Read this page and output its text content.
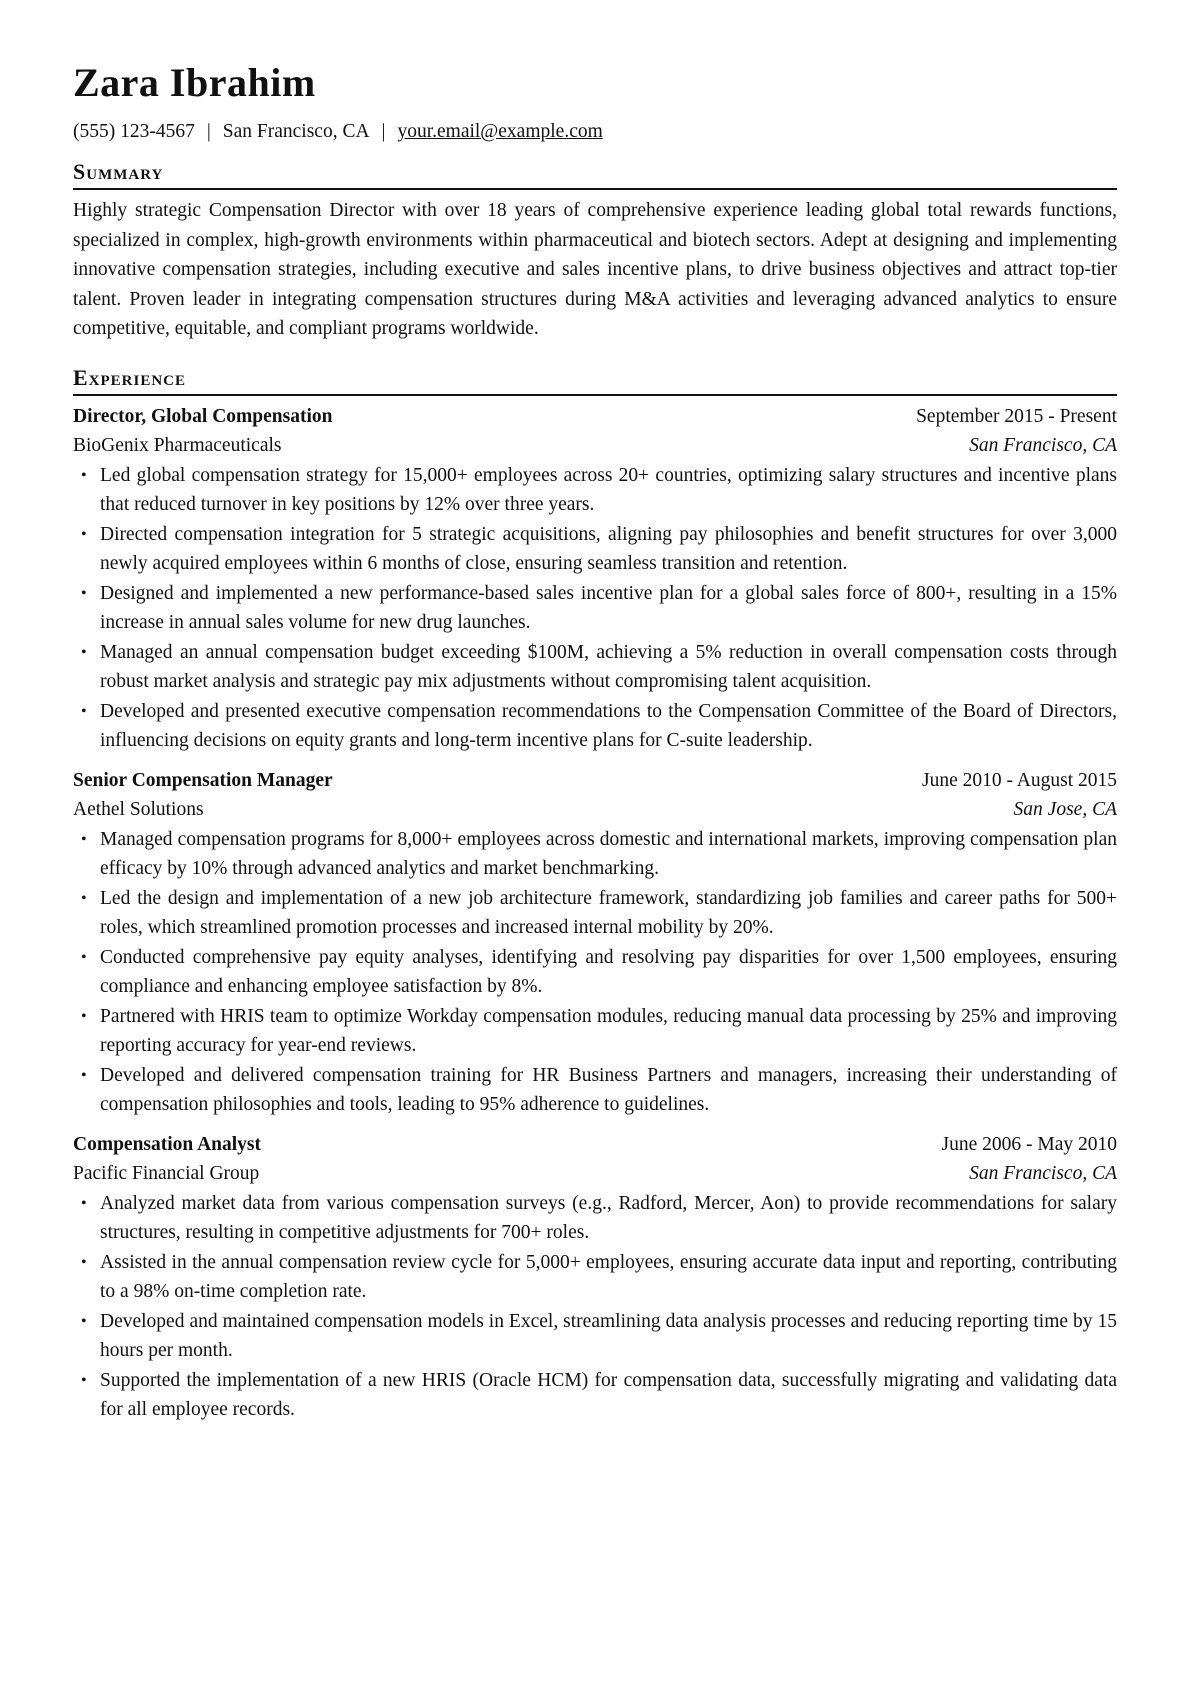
Zara Ibrahim
(555) 123-4567 | San Francisco, CA | your.email@example.com
Summary

Highly strategic Compensation Director with over 18 years of comprehensive experience leading global total rewards functions, specialized in complex, high-growth environments within pharmaceutical and biotech sectors. Adept at designing and implementing innovative compensation strategies, including executive and sales incentive plans, to drive business objectives and attract top-tier talent. Proven leader in integrating compensation structures during M&A activities and leveraging advanced analytics to ensure competitive, equitable, and compliant programs worldwide.

Experience
Director, Global Compensation	September 2015 - Present
BioGenix Pharmaceuticals	San Francisco, CA
• Led global compensation strategy for 15,000+ employees across 20+ countries, optimizing salary structures and incentive plans that reduced turnover in key positions by 12% over three years.
• Directed compensation integration for 5 strategic acquisitions, aligning pay philosophies and benefit structures for over 3,000 newly acquired employees within 6 months of close, ensuring seamless transition and retention.
• Designed and implemented a new performance-based sales incentive plan for a global sales force of 800+, resulting in a 15% increase in annual sales volume for new drug launches.
• Managed an annual compensation budget exceeding $100M, achieving a 5% reduction in overall compensation costs through robust market analysis and strategic pay mix adjustments without compromising talent acquisition.
• Developed and presented executive compensation recommendations to the Compensation Committee of the Board of Directors, influencing decisions on equity grants and long-term incentive plans for C-suite leadership.
Senior Compensation Manager	June 2010 - August 2015
Aethel Solutions	San Jose, CA
• Managed compensation programs for 8,000+ employees across domestic and international markets, improving compensation plan efficacy by 10% through advanced analytics and market benchmarking.
• Led the design and implementation of a new job architecture framework, standardizing job families and career paths for 500+ roles, which streamlined promotion processes and increased internal mobility by 20%.
• Conducted comprehensive pay equity analyses, identifying and resolving pay disparities for over 1,500 employees, ensuring compliance and enhancing employee satisfaction by 8%.
• Partnered with HRIS team to optimize Workday compensation modules, reducing manual data processing by 25% and improving reporting accuracy for year-end reviews.
• Developed and delivered compensation training for HR Business Partners and managers, increasing their understanding of compensation philosophies and tools, leading to 95% adherence to guidelines.
Compensation Analyst	June 2006 - May 2010
Pacific Financial Group	San Francisco, CA
• Analyzed market data from various compensation surveys (e.g., Radford, Mercer, Aon) to provide recommendations for salary structures, resulting in competitive adjustments for 700+ roles.
• Assisted in the annual compensation review cycle for 5,000+ employees, ensuring accurate data input and reporting, contributing to a 98% on-time completion rate.
• Developed and maintained compensation models in Excel, streamlining data analysis processes and reducing reporting time by 15 hours per month.
• Supported the implementation of a new HRIS (Oracle HCM) for compensation data, successfully migrating and validating data for all employee records.
